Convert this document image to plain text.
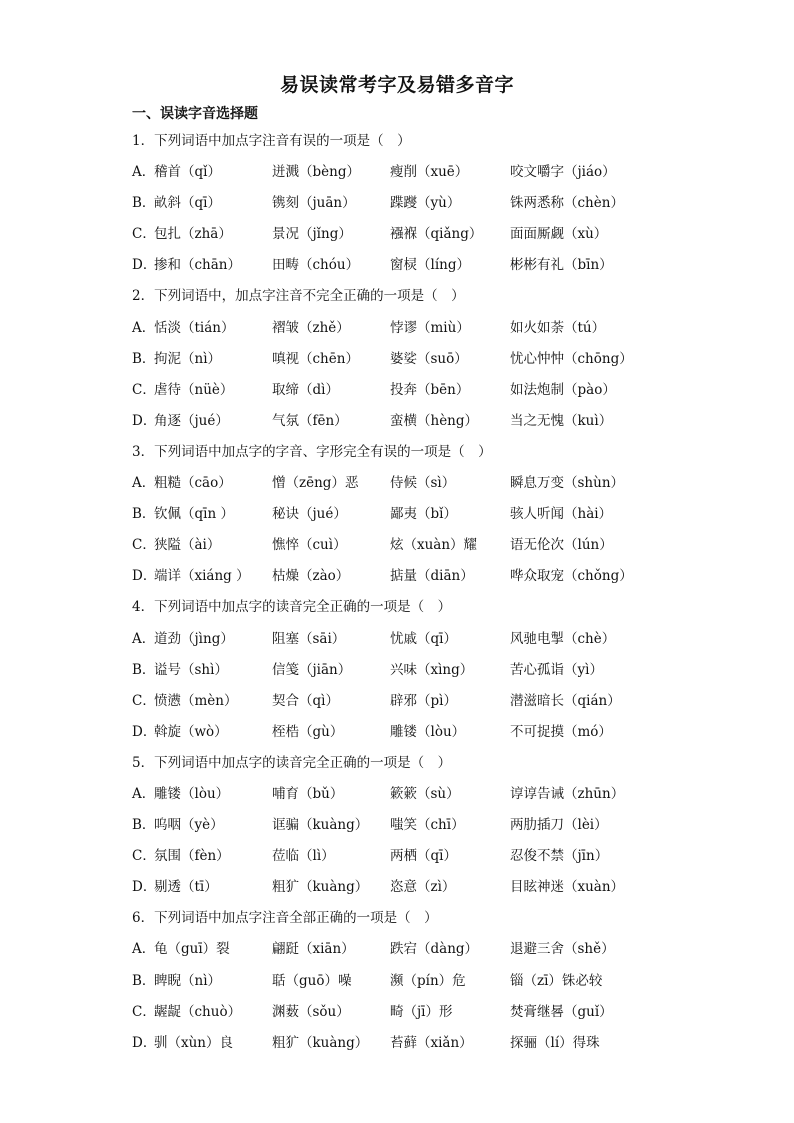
易误读常考字及易错多音字
一、误读字音选择题
1．下列词语中加点字注音有误的一项是（　）
A．稽首（qǐ）	迸溅（bèng） 瘦削（xuē）	咬文嚼字（jiáo）
B．畝斜（qī）	镌刻（juān）	蹀躞（yù）	铢两悉称（chèn）
C．包扎（zhā）	景况（jǐng）	襁褓（qiǎng） 面面厮觑（xù）
D．掺和（chān） 田畴（chóu） 窗棂（líng）	彬彬有礼（bīn）
2．下列词语中，加点字注音不完全正确的一项是（　）
A．恬淡（tián）	褶皱（zhě）	悖谬（miù）	如火如荼（tú）
B．拘泥（nì）	嗔视（chēn） 婆娑（suō）	忧心忡忡（chōng）
C．虐待（nüè）	取缔（dì）	投奔（bēn）	如法炮制（pào）
D．角逐（jué）	气氛（fēn）	蛮横（hèng） 当之无愧（kuì）
3．下列词语中加点字的字音、字形完全有误的一项是（　）
A．粗糙（cāo）	憎（zēng）恶 侍候（sì）	瞬息万变（shùn）
B．钦佩（qīn ）	秘诀（jué）	鄙夷（bǐ）	骇人听闻（hài）
C．狭隘（ài）	憔悴（cuì）	炫（xuàn）耀 语无伦次（lún）
D．端详（xiáng ） 枯燥（zào）	掂量（diān）	哗众取宠（chǒng）
4．下列词语中加点字的读音完全正确的一项是（　）
A．道劲（jìng）	阻塞（sāi）	忧戚（qī）	风驰电掣（chè）
B．谥号（shì）	信笺（jiān）	兴味（xìng）	苦心孤诣（yì）
C．愤懑（mèn）	契合（qì）	辟邪（pì）	潜滋暗长（qián）
D．斡旋（wò）	桎梏（gù）	雕镂（lòu）	不可捉摸（mó）
5．下列词语中加点字的读音完全正确的一项是（　）
A．雕镂（lòu）	哺育（bǔ）	簌簌（sù）	谆谆告诫（zhūn）
B．呜咽（yè）	诓骗（kuàng） 嗤笑（chī）	两肋插刀（lèi）
C．氛围（fèn）	莅临（lì）	两栖（qī）	忍俊不禁（jīn）
D．剔透（tī）	粗犷（kuàng） 恣意（zì）	目眩神迷（xuàn）
6．下列词语中加点字注音全部正确的一项是（　）
A．龟（guī）裂	翩跹（xiān）	跌宕（dàng） 退避三舍（shě）
B．睥睨（nì）	聒（guō）噪	濒（pín）危	锱（zī）铢必较
C．龌龊（chuò） 渊薮（sǒu）	畸（jī）形	焚膏继晷（guǐ）
D．驯（xùn）良	粗犷（kuàng） 苔藓（xiǎn）	探骊（lí）得珠
